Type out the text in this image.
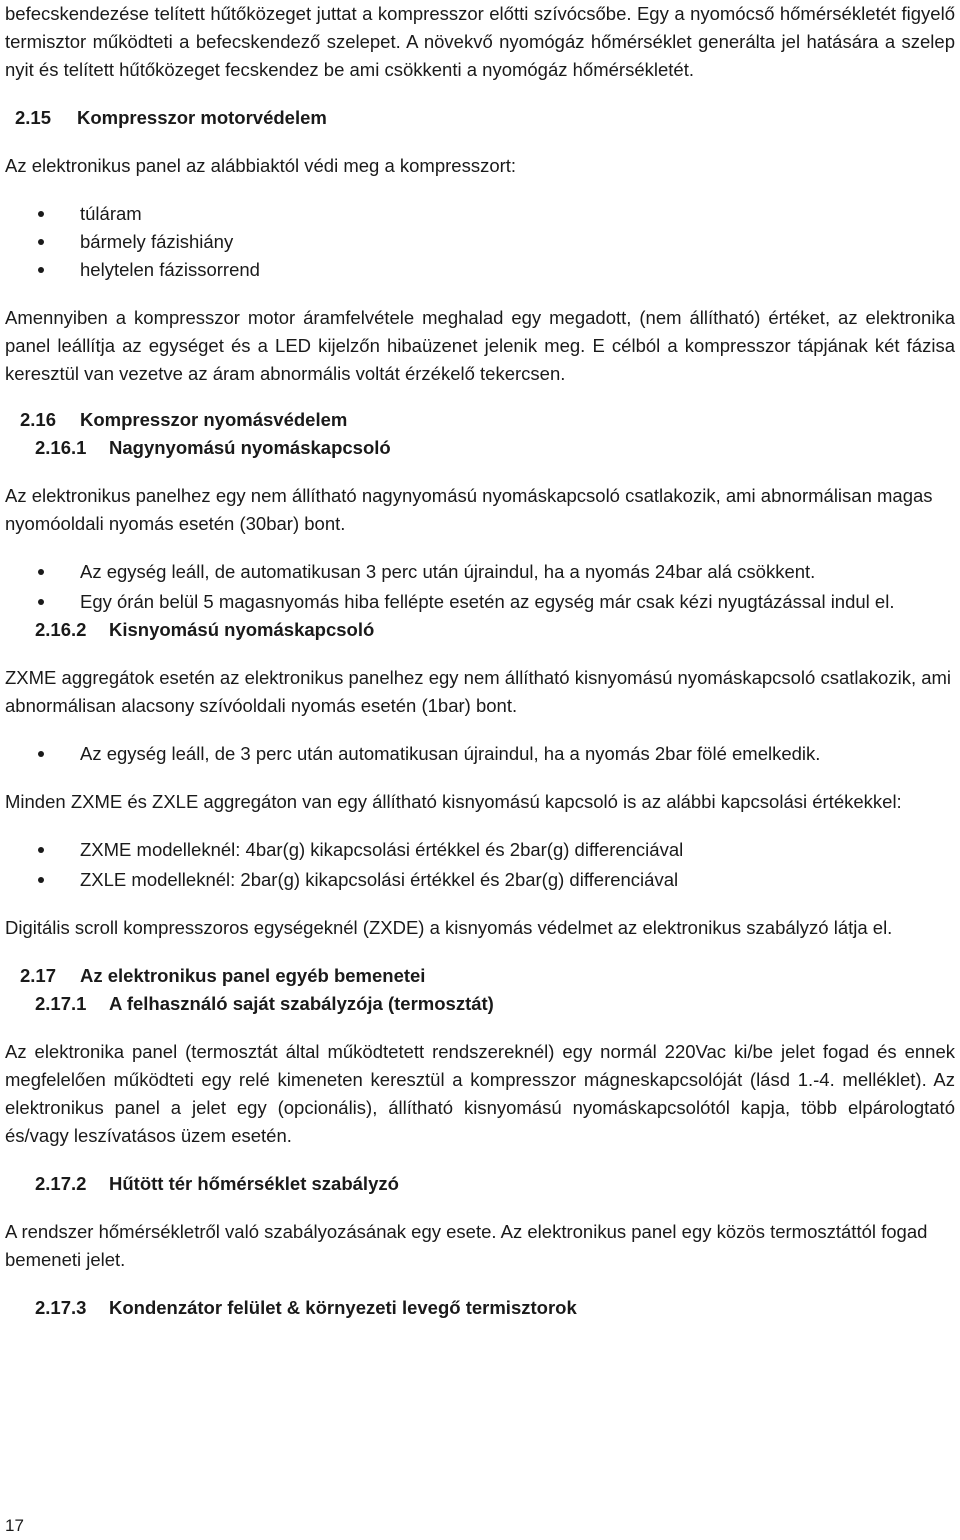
befecskendezése telített hűtőközeget juttat a kompresszor előtti szívócsőbe. Egy a nyomócső hőmérsékletét figyelő termisztor működteti a befecskendező szelepet. A növekvő nyomógáz hőmérséklet generálta jel hatására a szelep nyit és telített hűtőközeget fecskendez be ami csökkenti a nyomógáz hőmérsékletét.

2.15 Kompresszor motorvédelem

Az elektronikus panel az alábbiaktól védi meg a kompresszort:

túláram
bármely fázishiány
helytelen fázissorrend

Amennyiben a kompresszor motor áramfelvétele meghalad egy megadott, (nem állítható) értéket, az elektronika panel leállítja az egységet és a LED kijelzőn hibaüzenet jelenik meg. E célból a kompresszor tápjának két fázisa keresztül van vezetve az áram abnormális voltát érzékelő tekercsen.

2.16 Kompresszor nyomásvédelem
2.16.1 Nagynyomású nyomáskapcsoló

Az elektronikus panelhez egy nem állítható nagynyomású nyomáskapcsoló csatlakozik, ami abnormálisan magas nyomóoldali nyomás esetén (30bar) bont.

Az egység leáll, de automatikusan 3 perc után újraindul, ha a nyomás 24bar alá csökkent.
Egy órán belül 5 magasnyomás hiba fellépte esetén az egység már csak kézi nyugtázással indul el.
2.16.2 Kisnyomású nyomáskapcsoló

ZXME aggregátok esetén az elektronikus panelhez egy nem állítható kisnyomású nyomáskapcsoló csatlakozik, ami abnormálisan alacsony szívóoldali nyomás esetén (1bar) bont.

Az egység leáll, de 3 perc után automatikusan újraindul, ha a nyomás 2bar fölé emelkedik.

Minden ZXME és ZXLE aggregáton van egy állítható kisnyomású kapcsoló is az alábbi kapcsolási értékekkel:

ZXME modelleknél: 4bar(g) kikapcsolási értékkel és 2bar(g) differenciával
ZXLE modelleknél: 2bar(g) kikapcsolási értékkel és 2bar(g) differenciával

Digitális scroll kompresszoros egységeknél (ZXDE) a kisnyomás védelmet az elektronikus szabályzó látja el.

2.17 Az elektronikus panel egyéb bemenetei
2.17.1 A felhasználó saját szabályzója (termosztát)

Az elektronika panel (termosztát által működtetett rendszereknél) egy normál 220Vac ki/be jelet fogad és ennek megfelelően működteti egy relé kimeneten keresztül a kompresszor mágneskapcsolóját (lásd 1.-4. melléklet). Az elektronikus panel a jelet egy (opcionális), állítható kisnyomású nyomáskapcsolótól kapja, több elpárologtató és/vagy leszívatásos üzem esetén.

2.17.2 Hűtött tér hőmérséklet szabályzó

A rendszer hőmérsékletről való szabályozásának egy esete. Az elektronikus panel egy közös termosztáttól fogad bemeneti jelet.

2.17.3 Kondenzátor felület & környezeti levegő termisztorok
17
